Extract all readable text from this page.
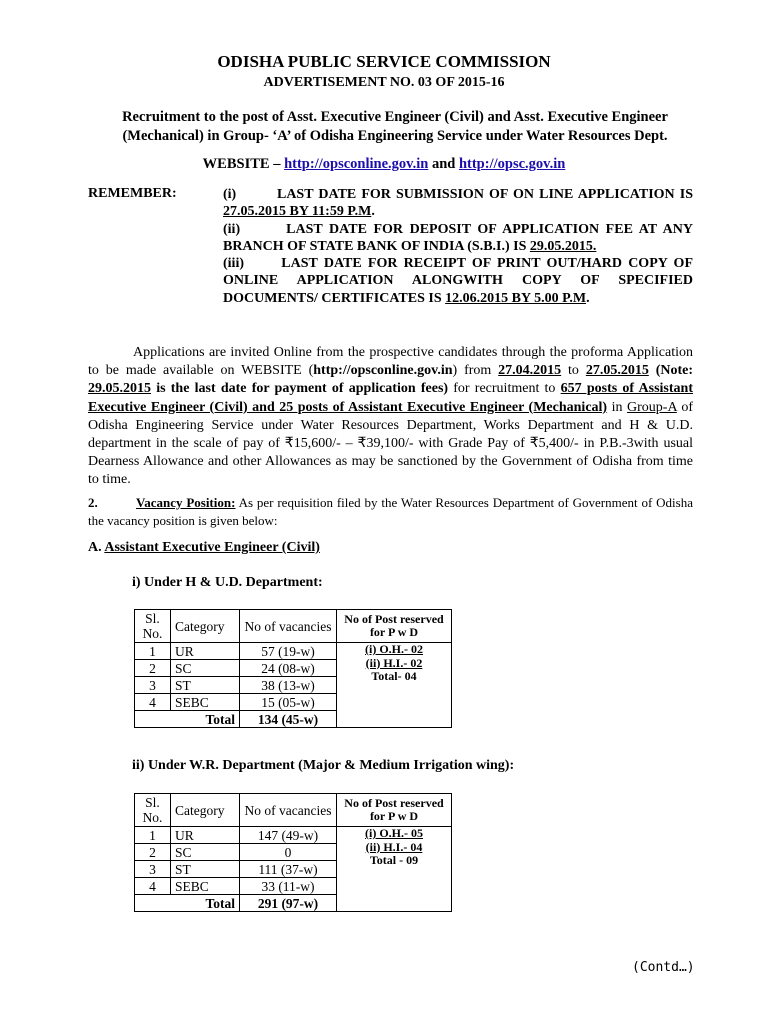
ODISHA PUBLIC SERVICE COMMISSION
ADVERTISEMENT NO. 03 OF 2015-16
Recruitment to the post of Asst. Executive Engineer (Civil) and Asst. Executive Engineer (Mechanical) in Group- ‘A’ of Odisha Engineering Service under Water Resources Dept.
WEBSITE – http://opsconline.gov.in and http://opsc.gov.in
REMEMBER:	(i)        LAST DATE FOR SUBMISSION OF ON LINE APPLICATION IS

27.05.2015 BY 11:59 P.M.

(ii)       LAST DATE FOR DEPOSIT OF APPLICATION FEE AT ANY

BRANCH OF STATE BANK OF INDIA (S.B.I.) IS 29.05.2015.

(iii)      LAST DATE FOR RECEIPT OF PRINT OUT/HARD COPY OF

ONLINE APPLICATION ALONGWITH COPY OF SPECIFIED

DOCUMENTS/ CERTIFICATES IS 12.06.2015 BY 5.00 P.M.

Applications are invited Online from the prospective candidates through the proforma Application to be made available on WEBSITE (http://opsconline.gov.in) from 27.04.2015 to 27.05.2015 (Note: 29.05.2015 is the last date for payment of application fees) for recruitment to 657 posts of Assistant Executive Engineer (Civil) and 25 posts of Assistant Executive Engineer (Mechanical) in Group-A of Odisha Engineering Service under Water Resources Department, Works Department and H & U.D. department in the scale of pay of ₹15,600/- – ₹39,100/- with Grade Pay of ₹5,400/- in P.B.-3with usual Dearness Allowance and other Allowances as may be sanctioned by the Government of Odisha from time to time.
2.	Vacancy Position: As per requisition filed by the Water Resources Department of Government of Odisha the vacancy position is given below:
A. Assistant Executive Engineer (Civil)
i) Under H & U.D. Department:
Sl. No.	Category	No of vacancies	No of Post reserved for P w D
1	UR	57 (19-w)	(i) O.H.- 02
(ii) H.I.- 02
Total- 04

2	SC	24 (08-w)	
3	ST	38 (13-w)	
4	SEBC	15 (05-w)	
Total		134 (45-w)	
ii) Under W.R. Department (Major & Medium Irrigation wing):
Sl. No.	Category	No of vacancies	No of Post reserved for P w D
1	UR	147 (49-w)	(i) O.H.- 05
(ii) H.I.- 04
Total - 09

2	SC	0	
3	ST	111 (37-w)	
4	SEBC	33 (11-w)	
Total		291 (97-w)	
(Contd…)
